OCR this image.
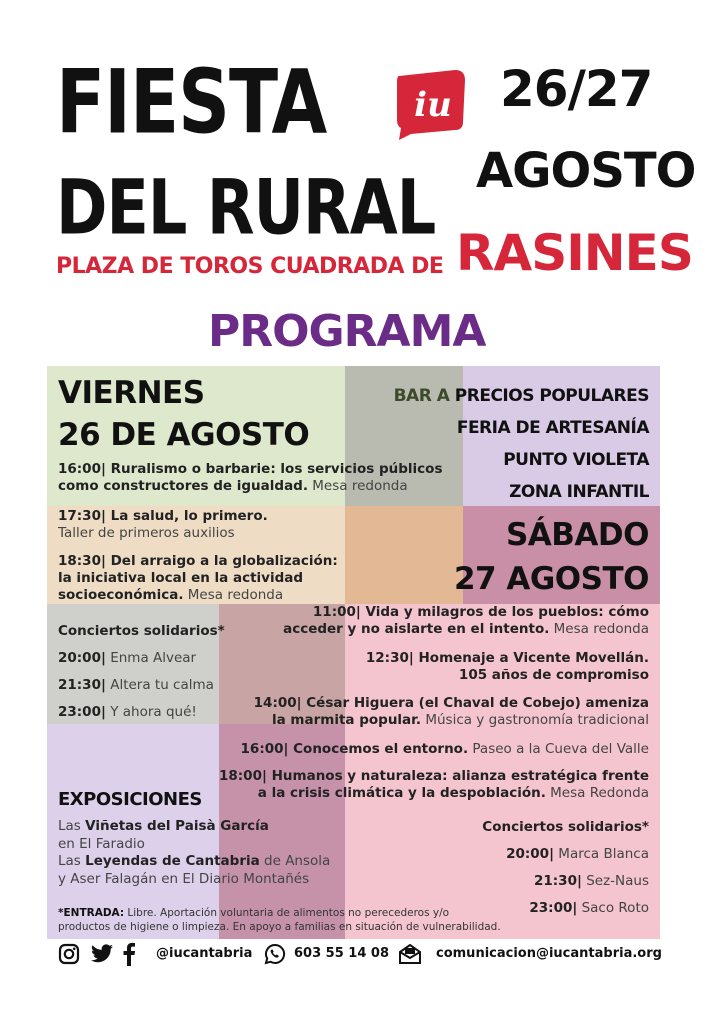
FIESTA
DEL RURAL
PLAZA DE TOROS CUADRADA DE RASINES
iu 26/27
AGOSTO
PROGRAMA
BAR A PRECIOS POPULARES
FERIA DE ARTESANÍA
PUNTO VIOLETA
ZONA INFANTIL
VIERNES
26 DE AGOSTO
16:00| Ruralismo o barbarie: los servicios públicos
como constructores de igualdad. Mesa redonda
17:30| La salud, lo primero.
Taller de primeros auxilios
18:30| Del arraigo a la globalización:
la iniciativa local en la actividad
socioeconómica. Mesa redonda
Conciertos solidarios*
20:00| Enma Alvear
21:30| Altera tu calma
23:00| Y ahora qué!
SÁBADO
27 AGOSTO
11:00| Vida y milagros de los pueblos: cómo
acceder y no aislarte en el intento. Mesa redonda
12:30| Homenaje a Vicente Movellán.
105 años de compromiso
14:00| César Higuera (el Chaval de Cobejo) ameniza
la marmita popular. Música y gastronomía tradicional
16:00| Conocemos el entorno. Paseo a la Cueva del Valle
18:00| Humanos y naturaleza: alianza estratégica frente
a la crisis climática y la despoblación. Mesa Redonda
Conciertos solidarios*
20:00| Marca Blanca
21:30| Sez-Naus
23:00| Saco Roto
EXPOSICIONES
Las Viñetas del Paisà García
en El Faradio
Las Leyendas de Cantabria de Ansola
y Aser Falagán en El Diario Montañés
*ENTRADA: Libre. Aportación voluntaria de alimentos no perecederos y/o
productos de higiene o limpieza. En apoyo a familias en situación de vulnerabilidad.
@iucantabria	603 55 14 08	comunicacion@iucantabria.org
